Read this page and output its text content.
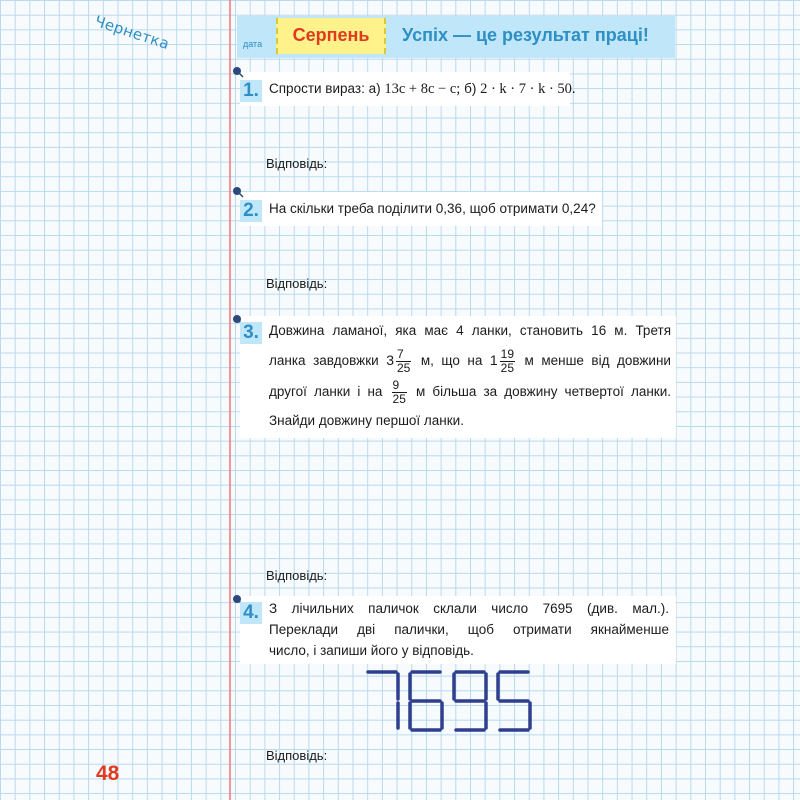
Чернетка	дата	Серпень	Успіх — це результат праці!
1. Спрости вираз: а) 13c + 8c − c; б) 2 · k · 7 · k · 50.
Відповідь:
2. На скільки треба поділити 0,36, щоб отримати 0,24?
Відповідь:
3. Довжина ламаної, яка має 4 ланки, становить 16 м. Третя
ланка завдовжки $3 \frac{7}{25} м$, що на $1 \frac{19}{25}$ м менше від довжини
другої ланки і на $\frac{9}{25}$ м більша за довжину четвертої ланки.
Знайди довжину першої ланки.
Відповідь:
4. З лічильних паличок склали число 7695 (див. мал.).
Переклади дві палички, щоб отримати якнайменше
число, і запиши його у відповідь.
Відповідь:
48
